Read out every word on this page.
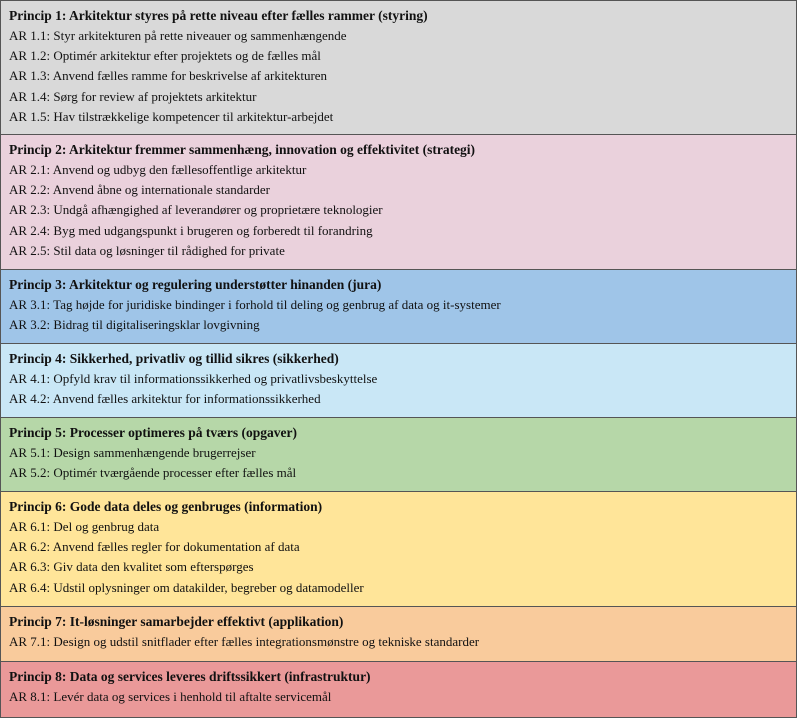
Princip 1: Arkitektur styres på rette niveau efter fælles rammer (styring)
AR 1.1: Styr arkitekturen på rette niveauer og sammenhængende
AR 1.2: Optimér arkitektur efter projektets og de fælles mål
AR 1.3: Anvend fælles ramme for beskrivelse af arkitekturen
AR 1.4: Sørg for review af projektets arkitektur
AR 1.5: Hav tilstrækkelige kompetencer til arkitektur-arbejdet
Princip 2: Arkitektur fremmer sammenhæng, innovation og effektivitet (strategi)
AR 2.1: Anvend og udbyg den fællesoffentlige arkitektur
AR 2.2: Anvend åbne og internationale standarder
AR 2.3: Undgå afhængighed af leverandører og proprietære teknologier
AR 2.4: Byg med udgangspunkt i brugeren og forberedt til forandring
AR 2.5: Stil data og løsninger til rådighed for private
Princip 3: Arkitektur og regulering understøtter hinanden (jura)
AR 3.1: Tag højde for juridiske bindinger i forhold til deling og genbrug af data og it-systemer
AR 3.2: Bidrag til digitaliseringsklar lovgivning
Princip 4: Sikkerhed, privatliv og tillid sikres (sikkerhed)
AR 4.1: Opfyld krav til informationssikkerhed og privatlivsbeskyttelse
AR 4.2: Anvend fælles arkitektur for informationssikkerhed
Princip 5: Processer optimeres på tværs (opgaver)
AR 5.1: Design sammenhængende brugerrejser
AR 5.2: Optimér tværgående processer efter fælles mål
Princip 6: Gode data deles og genbruges (information)
AR 6.1: Del og genbrug data
AR 6.2: Anvend fælles regler for dokumentation af data
AR 6.3: Giv data den kvalitet som efterspørges
AR 6.4: Udstil oplysninger om datakilder, begreber og datamodeller
Princip 7: It-løsninger samarbejder effektivt (applikation)
AR 7.1: Design og udstil snitflader efter fælles integrationsmønstre og tekniske standarder
Princip 8: Data og services leveres driftssikkert (infrastruktur)
AR 8.1: Levér data og services i henhold til aftalte servicemål
